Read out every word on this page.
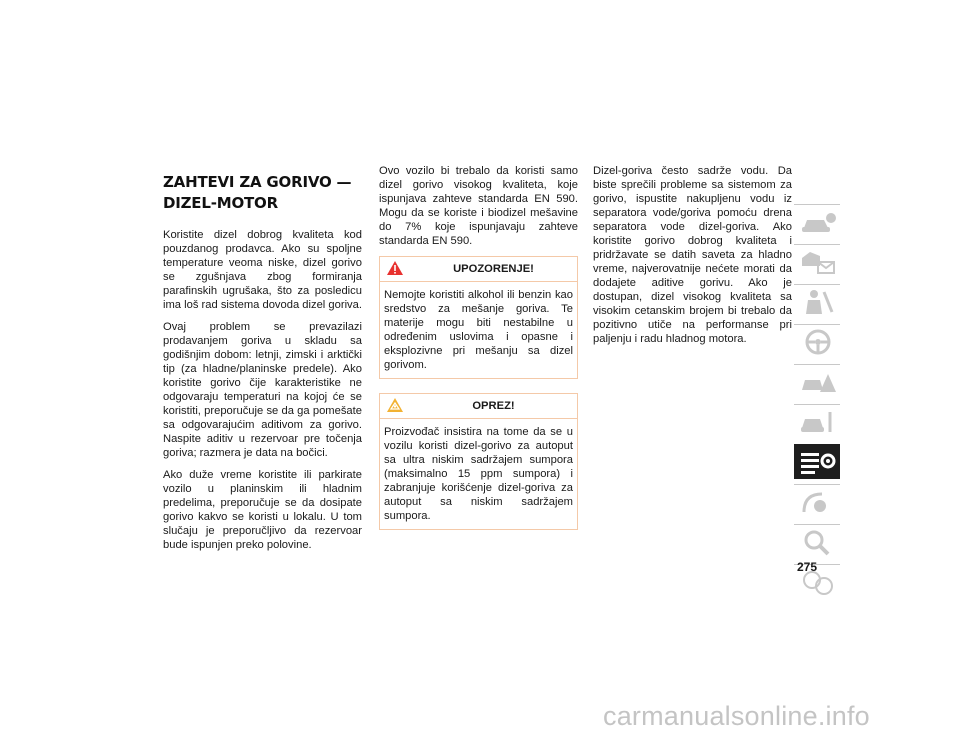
ZAHTEVI ZA GORIVO —
DIZEL-MOTOR

Koristite dizel dobrog kvaliteta kod pouzdanog prodavca. Ako su spoljne temperature veoma niske, dizel gorivo se zgušnjava zbog formiranja parafinskih ugrušaka, što za posledicu ima loš rad sistema dovoda dizel goriva.

Ovaj problem se prevazilazi prodavanjem goriva u skladu sa godišnjim dobom: letnji, zimski i arktički tip (za hladne/planinske predele). Ako koristite gorivo čije karakteristike ne odgovaraju temperaturi na kojoj će se koristiti, preporučuje se da ga pomešate sa odgovarajućim aditivom za gorivo. Naspite aditiv u rezervoar pre točenja goriva; razmera je data na bočici.

Ako duže vreme koristite ili parkirate vozilo u planinskim ili hladnim predelima, preporučuje se da dosipate gorivo kakvo se koristi u lokalu. U tom slučaju je preporučljivo da rezervoar bude ispunjen preko polovine.

Ovo vozilo bi trebalo da koristi samo dizel gorivo visokog kvaliteta, koje ispunjava zahteve standarda EN 590. Mogu da se koriste i biodizel mešavine do 7% koje ispunjavaju zahteve standarda EN 590.

UPOZORENJE!
Nemojte koristiti alkohol ili benzin kao sredstvo za mešanje goriva. Te materije mogu biti nestabilne u određenim uslovima i opasne i eksplozivne pri mešanju sa dizel gorivom.
OPREZ!
Proizvođač insistira na tome da se u vozilu koristi dizel-gorivo za autoput sa ultra niskim sadržajem sumpora (maksimalno 15 ppm sumpora) i zabranjuje korišćenje dizel-goriva za autoput sa niskim sadržajem sumpora.

Dizel-goriva često sadrže vodu. Da biste sprečili probleme sa sistemom za gorivo, ispustite nakupljenu vodu iz separatora vode/goriva pomoću drena separatora vode dizel-goriva. Ako koristite gorivo dobrog kvaliteta i pridržavate se datih saveta za hladno vreme, najverovatnije nećete morati da dodajete aditive gorivu. Ako je dostupan, dizel visokog kvaliteta sa visokim cetanskim brojem bi trebalo da pozitivno utiče na performanse pri paljenju i radu hladnog motora.

275
carmanualsonline.info
